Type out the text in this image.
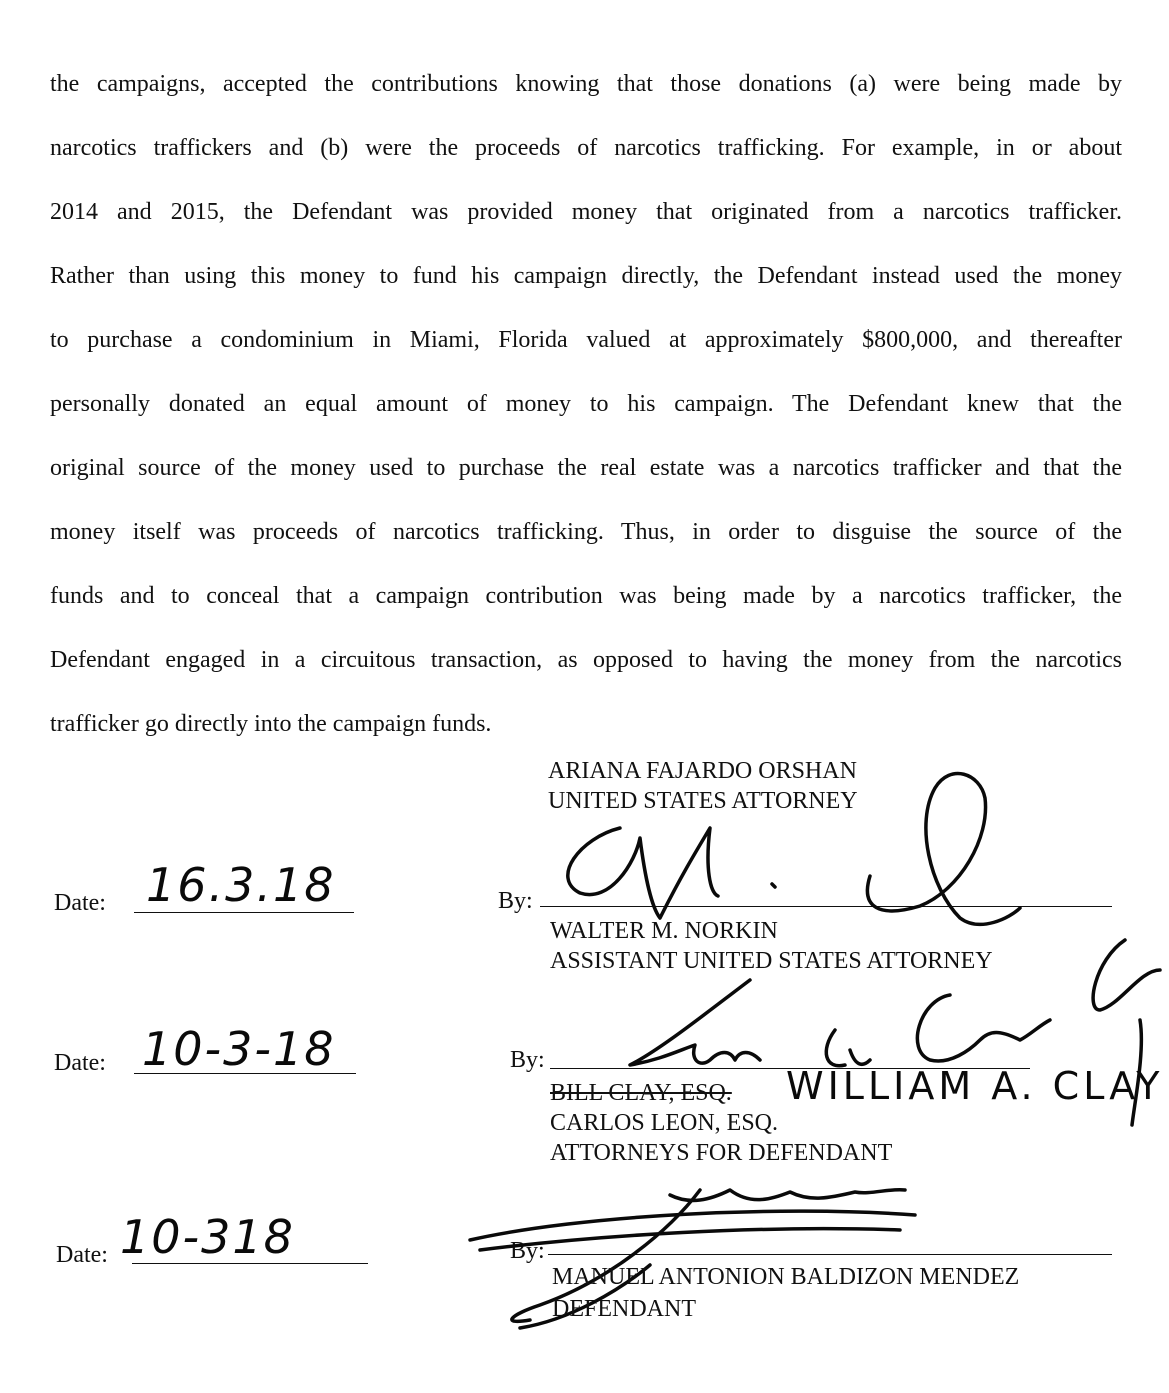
the campaigns, accepted the contributions knowing that those donations (a) were being made by
narcotics traffickers and (b) were the proceeds of narcotics trafficking. For example, in or about
2014 and 2015, the Defendant was provided money that originated from a narcotics trafficker.
Rather than using this money to fund his campaign directly, the Defendant instead used the money
to purchase a condominium in Miami, Florida valued at approximately $800,000, and thereafter
personally donated an equal amount of money to his campaign. The Defendant knew that the
original source of the money used to purchase the real estate was a narcotics trafficker and that the
money itself was proceeds of narcotics trafficking. Thus, in order to disguise the source of the
funds and to conceal that a campaign contribution was being made by a narcotics trafficker, the
Defendant engaged in a circuitous transaction, as opposed to having the money from the narcotics
trafficker go directly into the campaign funds.
ARIANA FAJARDO ORSHAN
UNITED STATES ATTORNEY
Date: 16.3.18	By:
WALTER M. NORKIN
ASSISTANT UNITED STATES ATTORNEY
Date: 10-3-18	By:
BILL CLAY, ESQ. WILLIAM A. CLAY
CARLOS LEON, ESQ.
ATTORNEYS FOR DEFENDANT
Date: 10-318	By:
MANUEL ANTONION BALDIZON MENDEZ
DEFENDANT
